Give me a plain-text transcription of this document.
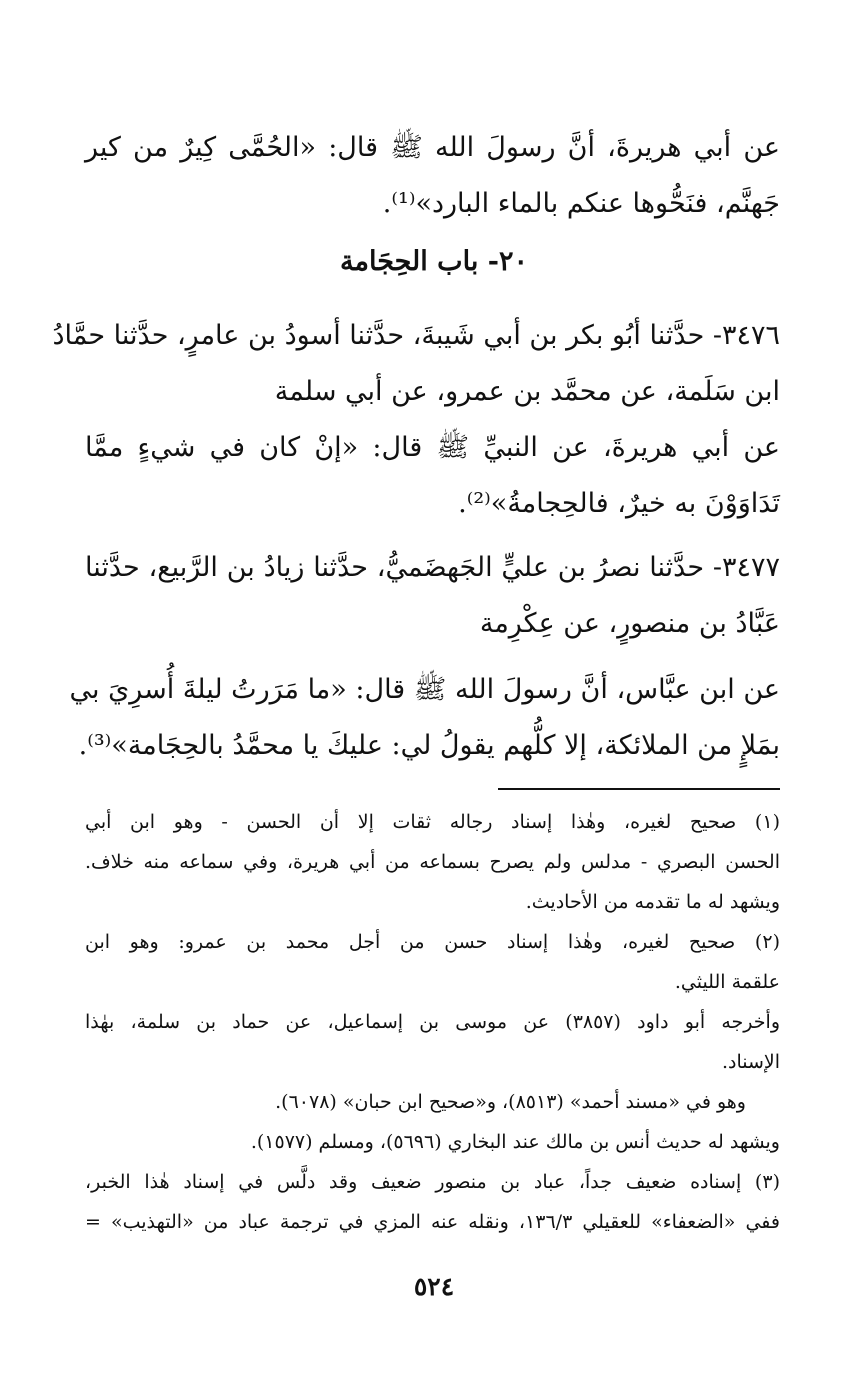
عن أبي هريرةَ، أنَّ رسولَ الله ﷺ قال: «الحُمَّى كِيرٌ من كير
جَهنَّم، فنَحُّوها عنكم بالماء البارد»⁽¹⁾.
٢٠- باب الحِجَامة
٣٤٧٦- حدَّثنا أبُو بكر بن أبي شَيبةَ، حدَّثنا أسودُ بن عامرٍ، حدَّثنا حمَّادُ
ابن سَلَمة، عن محمَّد بن عمرو، عن أبي سلمة
عن أبي هريرةَ، عن النبيِّ ﷺ قال: «إنْ كان في شيءٍ ممَّا
تَدَاوَوْنَ به خيرٌ، فالحِجامةُ»⁽²⁾.
٣٤٧٧- حدَّثنا نصرُ بن عليٍّ الجَهضَميُّ، حدَّثنا زيادُ بن الرَّبيع، حدَّثنا
عَبَّادُ بن منصورٍ، عن عِكْرِمة
عن ابن عبَّاس، أنَّ رسولَ الله ﷺ قال: «ما مَرَرتُ ليلةَ أُسرِيَ بي
بمَلإٍ من الملائكة، إلا كلُّهم يقولُ لي: عليكَ يا محمَّدُ بالحِجَامة»⁽³⁾.
(١) صحيح لغيره، وهٰذا إسناد رجاله ثقات إلا أن الحسن - وهو ابن أبي
الحسن البصري - مدلس ولم يصرح بسماعه من أبي هريرة، وفي سماعه منه خلاف.
ويشهد له ما تقدمه من الأحاديث.
(٢) صحيح لغيره، وهٰذا إسناد حسن من أجل محمد بن عمرو: وهو ابن
علقمة الليثي.
وأخرجه أبو داود (٣٨٥٧) عن موسى بن إسماعيل، عن حماد بن سلمة، بهٰذا
الإسناد.
وهو في «مسند أحمد» (٨٥١٣)، و«صحيح ابن حبان» (٦٠٧٨).
ويشهد له حديث أنس بن مالك عند البخاري (٥٦٩٦)، ومسلم (١٥٧٧).
(٣) إسناده ضعيف جداً، عباد بن منصور ضعيف وقد دلَّس في إسناد هٰذا الخبر،
ففي «الضعفاء» للعقيلي ١٣٦/٣، ونقله عنه المزي في ترجمة عباد من «التهذيب» =
٥٢٤
